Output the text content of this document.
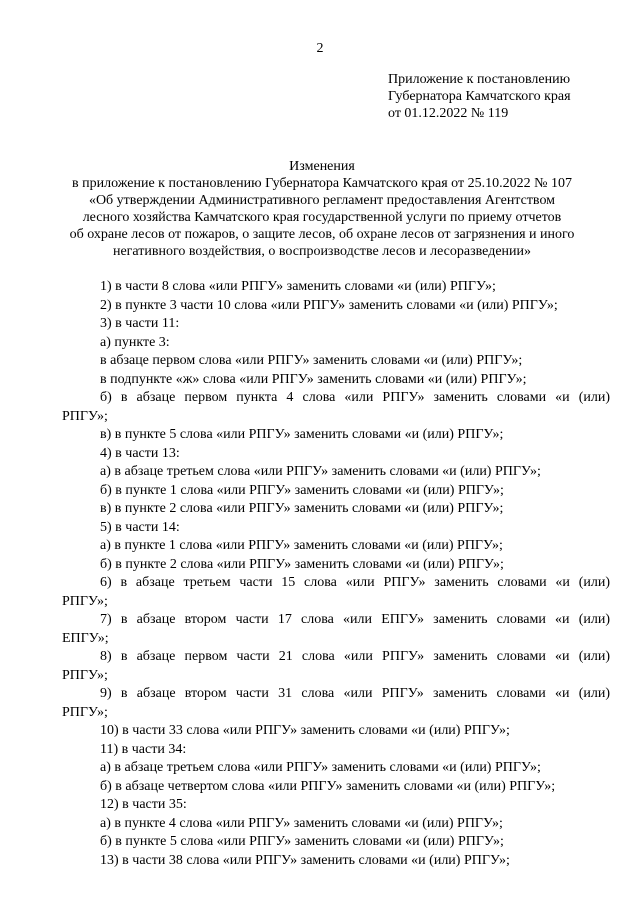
2
Приложение к постановлению
Губернатора Камчатского края
от 01.12.2022 № 119
Изменения
в приложение к постановлению Губернатора Камчатского края от 25.10.2022 № 107
«Об утверждении Административного регламент предоставления Агентством
лесного хозяйства Камчатского края государственной услуги по приему отчетов
об охране лесов от пожаров, о защите лесов, об охране лесов от загрязнения и иного
негативного воздействия, о воспроизводстве лесов и лесоразведении»
1) в части 8 слова «или РПГУ» заменить словами «и (или) РПГУ»;
2) в пункте 3 части 10 слова «или РПГУ» заменить словами «и (или) РПГУ»;
3) в части 11:
а) пункте 3:
в абзаце первом слова «или РПГУ» заменить словами «и (или) РПГУ»;
в подпункте «ж» слова «или РПГУ» заменить словами «и (или) РПГУ»;
б) в абзаце первом пункта 4 слова «или РПГУ» заменить словами «и (или)
РПГУ»;
в) в пункте 5 слова «или РПГУ» заменить словами «и (или) РПГУ»;
4) в части 13:
а) в абзаце третьем слова «или РПГУ» заменить словами «и (или) РПГУ»;
б) в пункте 1 слова «или РПГУ» заменить словами «и (или) РПГУ»;
в) в пункте 2 слова «или РПГУ» заменить словами «и (или) РПГУ»;
5) в части 14:
а) в пункте 1 слова «или РПГУ» заменить словами «и (или) РПГУ»;
б) в пункте 2 слова «или РПГУ» заменить словами «и (или) РПГУ»;
6) в абзаце третьем части 15 слова «или РПГУ» заменить словами «и (или)
РПГУ»;
7) в абзаце втором части 17 слова «или ЕПГУ» заменить словами «и (или)
ЕПГУ»;
8) в абзаце первом части 21 слова «или РПГУ» заменить словами «и (или)
РПГУ»;
9) в абзаце втором части 31 слова «или РПГУ» заменить словами «и (или)
РПГУ»;
10) в части 33 слова «или РПГУ» заменить словами «и (или) РПГУ»;
11) в части 34:
а) в абзаце третьем слова «или РПГУ» заменить словами «и (или) РПГУ»;
б) в абзаце четвертом слова «или РПГУ» заменить словами «и (или) РПГУ»;
12) в части 35:
а) в пункте 4 слова «или РПГУ» заменить словами «и (или) РПГУ»;
б) в пункте 5 слова «или РПГУ» заменить словами «и (или) РПГУ»;
13) в части 38 слова «или РПГУ» заменить словами «и (или) РПГУ»;
